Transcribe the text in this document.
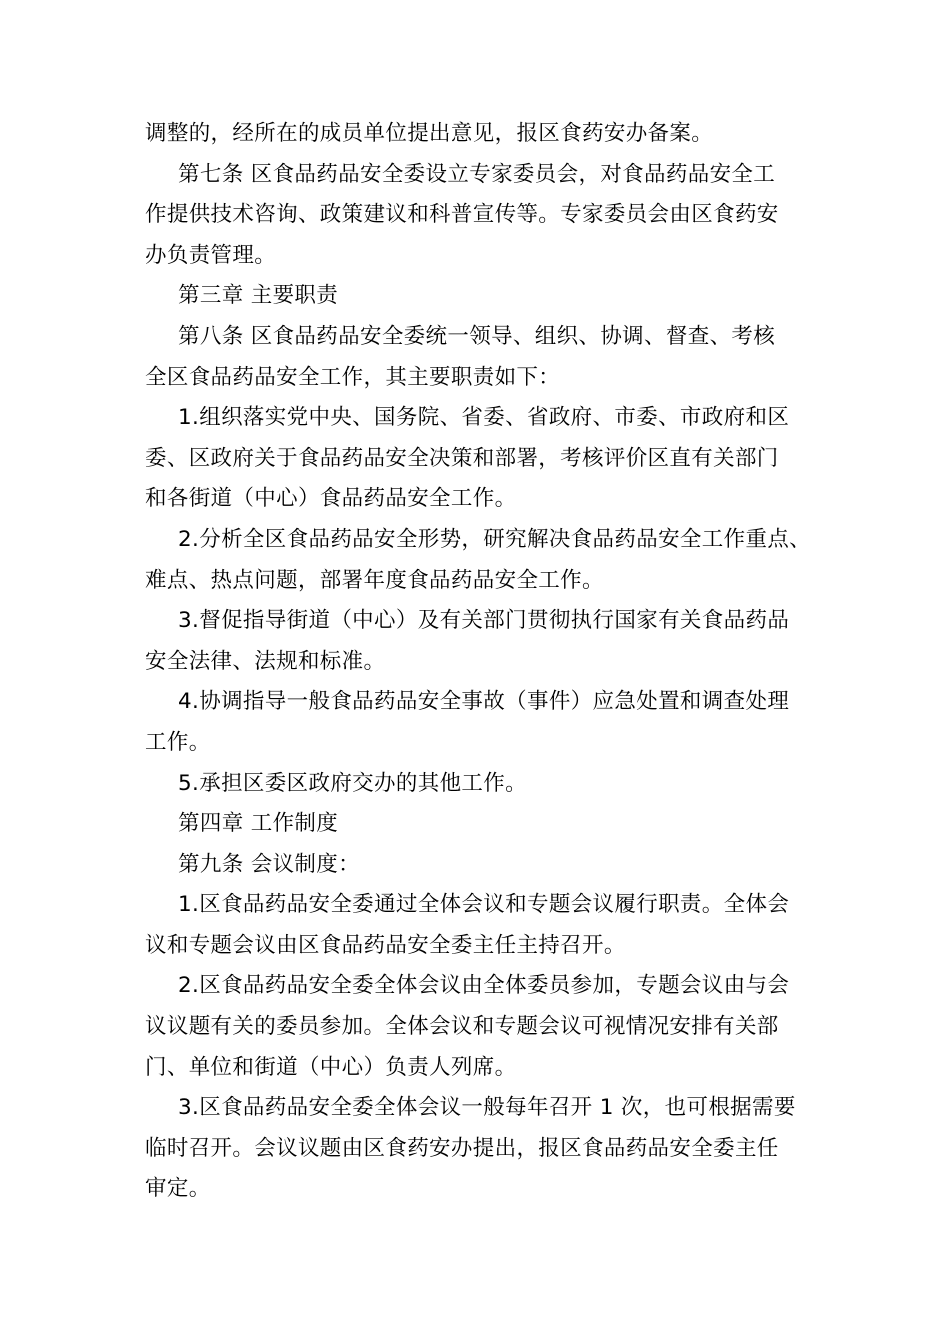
调整的，经所在的成员单位提出意见，报区食药安办备案。
第七条 区食品药品安全委设立专家委员会，对食品药品安全工
作提供技术咨询、政策建议和科普宣传等。专家委员会由区食药安
办负责管理。
第三章 主要职责
第八条 区食品药品安全委统一领导、组织、协调、督查、考核
全区食品药品安全工作，其主要职责如下：
1.组织落实党中央、国务院、省委、省政府、市委、市政府和区
委、区政府关于食品药品安全决策和部署，考核评价区直有关部门
和各街道（中心）食品药品安全工作。
2.分析全区食品药品安全形势，研究解决食品药品安全工作重点、
难点、热点问题，部署年度食品药品安全工作。
3.督促指导街道（中心）及有关部门贯彻执行国家有关食品药品
安全法律、法规和标准。
4.协调指导一般食品药品安全事故（事件）应急处置和调查处理
工作。
5.承担区委区政府交办的其他工作。
第四章 工作制度
第九条 会议制度：
1.区食品药品安全委通过全体会议和专题会议履行职责。全体会
议和专题会议由区食品药品安全委主任主持召开。
2.区食品药品安全委全体会议由全体委员参加，专题会议由与会
议议题有关的委员参加。全体会议和专题会议可视情况安排有关部
门、单位和街道（中心）负责人列席。
3.区食品药品安全委全体会议一般每年召开 1 次，也可根据需要
临时召开。会议议题由区食药安办提出，报区食品药品安全委主任
审定。
